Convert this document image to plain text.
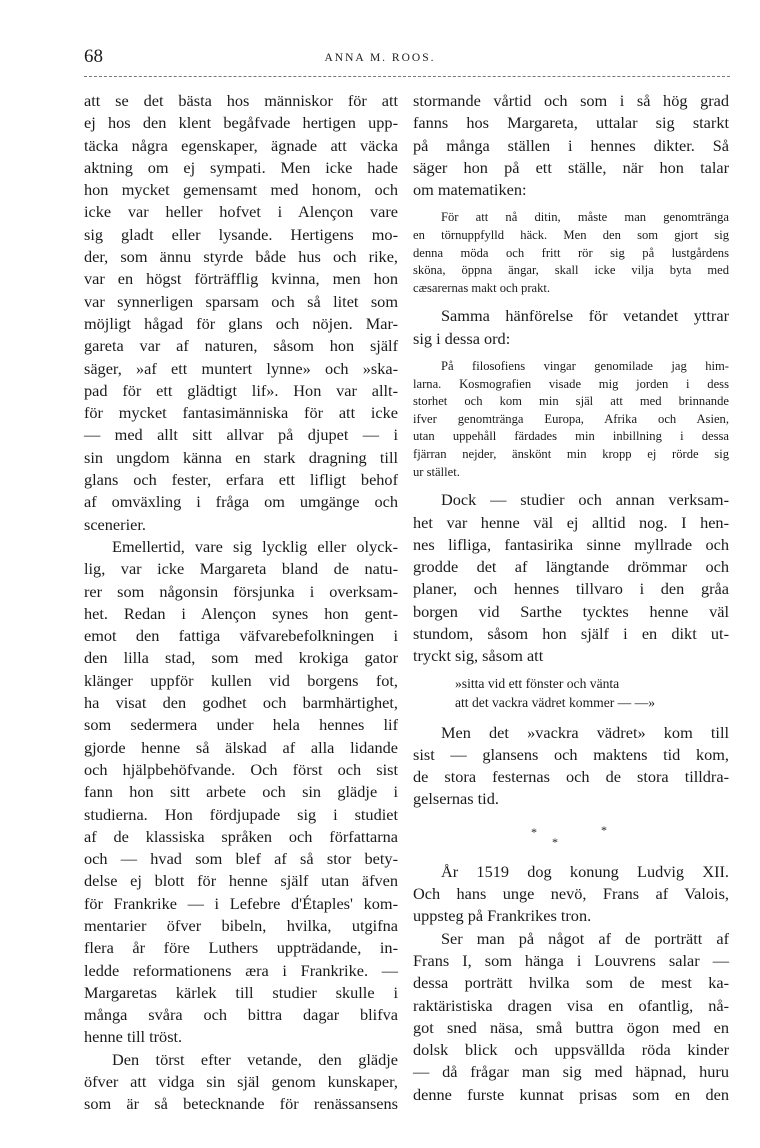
68	ANNA M. ROOS.
att se det bästa hos människor för att
ej hos den klent begåfvade hertigen upp-
täcka några egenskaper, ägnade att väcka
aktning om ej sympati. Men icke hade
hon mycket gemensamt med honom, och
icke var heller hofvet i Alençon vare
sig gladt eller lysande. Hertigens mo-
der, som ännu styrde både hus och rike,
var en högst förträfflig kvinna, men hon
var synnerligen sparsam och så litet som
möjligt hågad för glans och nöjen. Mar-
gareta var af naturen, såsom hon själf
säger, »af ett muntert lynne» och »ska-
pad för ett glädtigt lif». Hon var allt-
för mycket fantasimänniska för att icke
— med allt sitt allvar på djupet — i
sin ungdom känna en stark dragning till
glans och fester, erfara ett lifligt behof
af omväxling i fråga om umgänge och
scenerier.
Emellertid, vare sig lycklig eller olyck-
lig, var icke Margareta bland de natu-
rer som någonsin försjunka i overksam-
het. Redan i Alençon synes hon gent-
emot den fattiga väfvarebefolkningen i
den lilla stad, som med krokiga gator
klänger uppför kullen vid borgens fot,
ha visat den godhet och barmhärtighet,
som sedermera under hela hennes lif
gjorde henne så älskad af alla lidande
och hjälpbehöfvande. Och först och sist
fann hon sitt arbete och sin glädje i
studierna. Hon fördjupade sig i studiet
af de klassiska språken och författarna
och — hvad som blef af så stor bety-
delse ej blott för henne själf utan äfven
för Frankrike — i Lefebre d'Étaples' kom-
mentarier öfver bibeln, hvilka, utgifna
flera år före Luthers uppträdande, in-
ledde reformationens æra i Frankrike. —
Margaretas kärlek till studier skulle i
många svåra och bittra dagar blifva
henne till tröst.
Den törst efter vetande, den glädje
öfver att vidga sin själ genom kunskaper,
som är så betecknande för renässansens
stormande vårtid och som i så hög grad
fanns hos Margareta, uttalar sig starkt
på många ställen i hennes dikter. Så
säger hon på ett ställe, när hon talar
om matematiken:
För att nå ditin, måste man genomtränga
en törnuppfylld häck. Men den som gjort sig
denna möda och fritt rör sig på lustgårdens
sköna, öppna ängar, skall icke vilja byta med
cæsarernas makt och prakt.
Samma hänförelse för vetandet yttrar
sig i dessa ord:
På filosofiens vingar genomilade jag him-
larna. Kosmografien visade mig jorden i dess
storhet och kom min själ att med brinnande
ifver genomtränga Europa, Afrika och Asien,
utan uppehåll färdades min inbillning i dessa
fjärran nejder, änskönt min kropp ej rörde sig
ur stället.
Dock — studier och annan verksam-
het var henne väl ej alltid nog. I hen-
nes lifliga, fantasirika sinne myllrade och
grodde det af längtande drömmar och
planer, och hennes tillvaro i den gråa
borgen vid Sarthe tycktes henne väl
stundom, såsom hon själf i en dikt ut-
tryckt sig, såsom att
»sitta vid ett fönster och vänta
att det vackra vädret kommer — —»
Men det »vackra vädret» kom till
sist — glansens och maktens tid kom,
de stora festernas och de stora tilldra-
gelsernas tid.
*
*
*
År 1519 dog konung Ludvig XII.
Och hans unge nevö, Frans af Valois,
uppsteg på Frankrikes tron.
Ser man på något af de porträtt af
Frans I, som hänga i Louvrens salar —
dessa porträtt hvilka som de mest ka-
raktäristiska dragen visa en ofantlig, nå-
got sned näsa, små buttra ögon med en
dolsk blick och uppsvällda röda kinder
— då frågar man sig med häpnad, huru
denne furste kunnat prisas som en den
